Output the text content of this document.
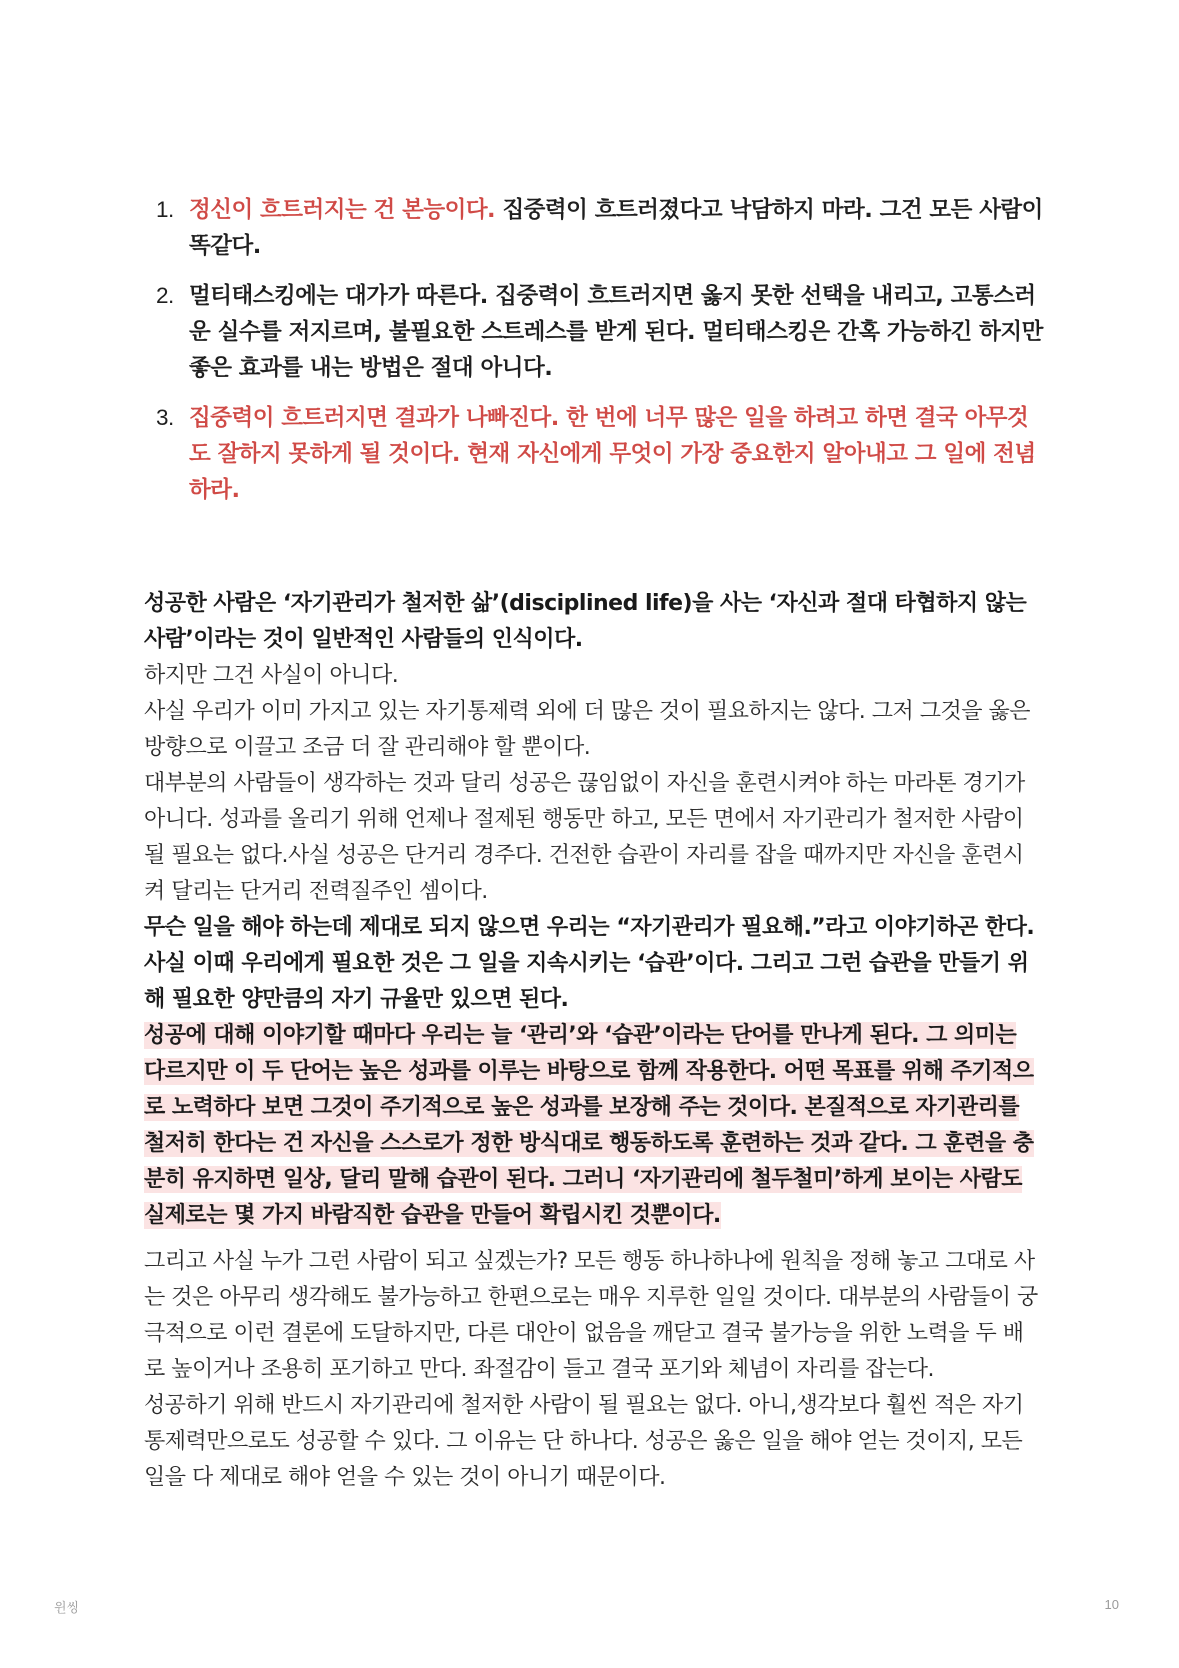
1. 정신이 흐트러지는 건 본능이다. 집중력이 흐트러졌다고 낙담하지 마라. 그건 모든 사람이 똑같다.
2. 멀티태스킹에는 대가가 따른다. 집중력이 흐트러지면 옳지 못한 선택을 내리고, 고통스러운 실수를 저지르며, 불필요한 스트레스를 받게 된다. 멀티태스킹은 간혹 가능하긴 하지만 좋은 효과를 내는 방법은 절대 아니다.
3. 집중력이 흐트러지면 결과가 나빠진다. 한 번에 너무 많은 일을 하려고 하면 결국 아무것도 잘하지 못하게 될 것이다. 현재 자신에게 무엇이 가장 중요한지 알아내고 그 일에 전념하라.

성공한 사람은 ‘자기관리가 철저한 삶’(disciplined life)을 사는 ‘자신과 절대 타협하지 않는 사람’이라는 것이 일반적인 사람들의 인식이다.

하지만 그건 사실이 아니다.

사실 우리가 이미 가지고 있는 자기통제력 외에 더 많은 것이 필요하지는 않다. 그저 그것을 옳은 방향으로 이끌고 조금 더 잘 관리해야 할 뿐이다.

대부분의 사람들이 생각하는 것과 달리 성공은 끊임없이 자신을 훈련시켜야 하는 마라톤 경기가 아니다. 성과를 올리기 위해 언제나 절제된 행동만 하고, 모든 면에서 자기관리가 철저한 사람이 될 필요는 없다.사실 성공은 단거리 경주다. 건전한 습관이 자리를 잡을 때까지만 자신을 훈련시켜 달리는 단거리 전력질주인 셈이다.

무슨 일을 해야 하는데 제대로 되지 않으면 우리는 “자기관리가 필요해.”라고 이야기하곤 한다. 사실 이때 우리에게 필요한 것은 그 일을 지속시키는 ‘습관’이다. 그리고 그런 습관을 만들기 위해 필요한 양만큼의 자기 규율만 있으면 된다.

성공에 대해 이야기할 때마다 우리는 늘 ‘관리’와 ‘습관’이라는 단어를 만나게 된다. 그 의미는 다르지만 이 두 단어는 높은 성과를 이루는 바탕으로 함께 작용한다. 어떤 목표를 위해 주기적으로 노력하다 보면 그것이 주기적으로 높은 성과를 보장해 주는 것이다. 본질적으로 자기관리를 철저히 한다는 건 자신을 스스로가 정한 방식대로 행동하도록 훈련하는 것과 같다. 그 훈련을 충분히 유지하면 일상, 달리 말해 습관이 된다. 그러니 ‘자기관리에 철두철미’하게 보이는 사람도 실제로는 몇 가지 바람직한 습관을 만들어 확립시킨 것뿐이다.

그리고 사실 누가 그런 사람이 되고 싶겠는가? 모든 행동 하나하나에 원칙을 정해 놓고 그대로 사는 것은 아무리 생각해도 불가능하고 한편으로는 매우 지루한 일일 것이다. 대부분의 사람들이 궁극적으로 이런 결론에 도달하지만, 다른 대안이 없음을 깨닫고 결국 불가능을 위한 노력을 두 배로 높이거나 조용히 포기하고 만다. 좌절감이 들고 결국 포기와 체념이 자리를 잡는다.

성공하기 위해 반드시 자기관리에 철저한 사람이 될 필요는 없다. 아니,생각보다 훨씬 적은 자기통제력만으로도 성공할 수 있다. 그 이유는 단 하나다. 성공은 옳은 일을 해야 얻는 것이지, 모든 일을 다 제대로 해야 얻을 수 있는 것이 아니기 때문이다.

윈씽	10
